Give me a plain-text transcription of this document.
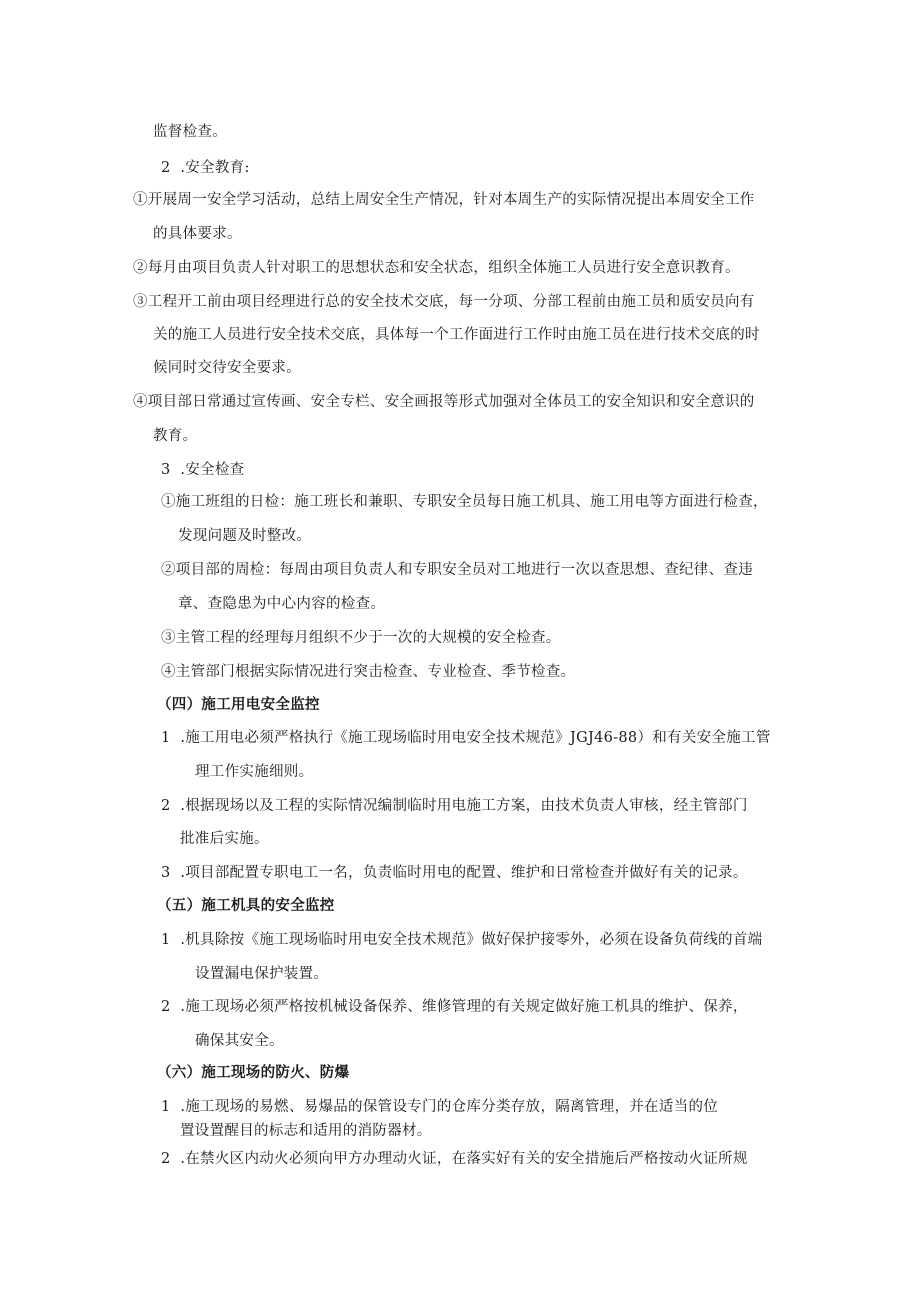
监督检查。
2  .安全教育:
①开展周一安全学习活动，总结上周安全生产情况，针对本周生产的实际情况提出本周安全工作
的具体要求。
②每月由项目负责人针对职工的思想状态和安全状态，组织全体施工人员进行安全意识教育。
③工程开工前由项目经理进行总的安全技术交底，每一分项、分部工程前由施工员和质安员向有
关的施工人员进行安全技术交底，具体每一个工作面进行工作时由施工员在进行技术交底的时
候同时交待安全要求。
④项目部日常通过宣传画、安全专栏、安全画报等形式加强对全体员工的安全知识和安全意识的
教育。
3  .安全检查
①施工班组的日检：施工班长和兼职、专职安全员每日施工机具、施工用电等方面进行检查，
发现问题及时整改。
②项目部的周检：每周由项目负责人和专职安全员对工地进行一次以查思想、查纪律、查违
章、查隐患为中心内容的检查。
③主管工程的经理每月组织不少于一次的大规模的安全检查。
④主管部门根据实际情况进行突击检查、专业检查、季节检查。
（四）施工用电安全监控
1  .施工用电必须严格执行《施工现场临时用电安全技术规范》JGJ46-88）和有关安全施工管
理工作实施细则。
2  .根据现场以及工程的实际情况编制临时用电施工方案，由技术负责人审核，经主管部门
批准后实施。
3  .项目部配置专职电工一名，负责临时用电的配置、维护和日常检查并做好有关的记录。
（五）施工机具的安全监控
1  .机具除按《施工现场临时用电安全技术规范》做好保护接零外，必须在设备负荷线的首端
设置漏电保护装置。
2  .施工现场必须严格按机械设备保养、维修管理的有关规定做好施工机具的维护、保养，
确保其安全。
（六）施工现场的防火、防爆
1  .施工现场的易燃、易爆品的保管设专门的仓库分类存放，隔离管理，并在适当的位
置设置醒目的标志和适用的消防器材。
2  .在禁火区内动火必须向甲方办理动火证，在落实好有关的安全措施后严格按动火证所规
